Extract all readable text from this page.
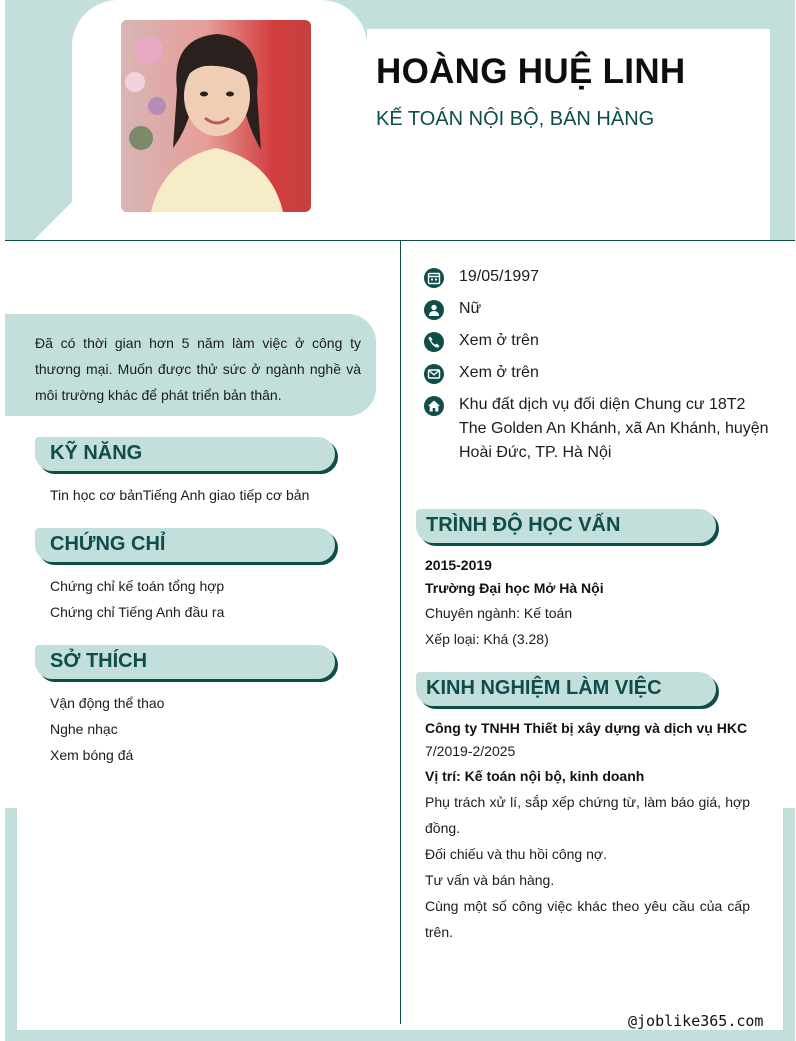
HOÀNG HUỆ LINH
KẾ TOÁN NỘI BỘ, BÁN HÀNG
Đã có thời gian hơn 5 năm làm việc ở công ty thương mại. Muốn được thử sức ở ngành nghề và môi trường khác để phát triển bản thân.
KỸ NĂNG
Tin học cơ bảnTiếng Anh giao tiếp cơ bản
CHỨNG CHỈ
Chứng chỉ kế toán tổng hợp
Chứng chỉ Tiếng Anh đầu ra
SỞ THÍCH
Vận động thể thao
Nghe nhạc
Xem bóng đá
19/05/1997
Nữ
Xem ở trên
Xem ở trên
Khu đất dịch vụ đối diện Chung cư 18T2
The Golden An Khánh, xã An Khánh, huyện
Hoài Đức, TP. Hà Nội
TRÌNH ĐỘ HỌC VẤN
2015-2019
Trường Đại học Mở Hà Nội
Chuyên ngành: Kế toán
Xếp loại: Khá (3.28)
KINH NGHIỆM LÀM VIỆC
Công ty TNHH Thiết bị xây dựng và dịch vụ HKC
7/2019-2/2025
Vị trí: Kế toán nội bộ, kinh doanh
Phụ trách xử lí, sắp xếp chứng từ, làm báo giá, hợp đồng.
Đối chiếu và thu hồi công nợ.
Tư vấn và bán hàng.
Cùng một số công việc khác theo yêu cầu của cấp trên.
@joblike365.com
